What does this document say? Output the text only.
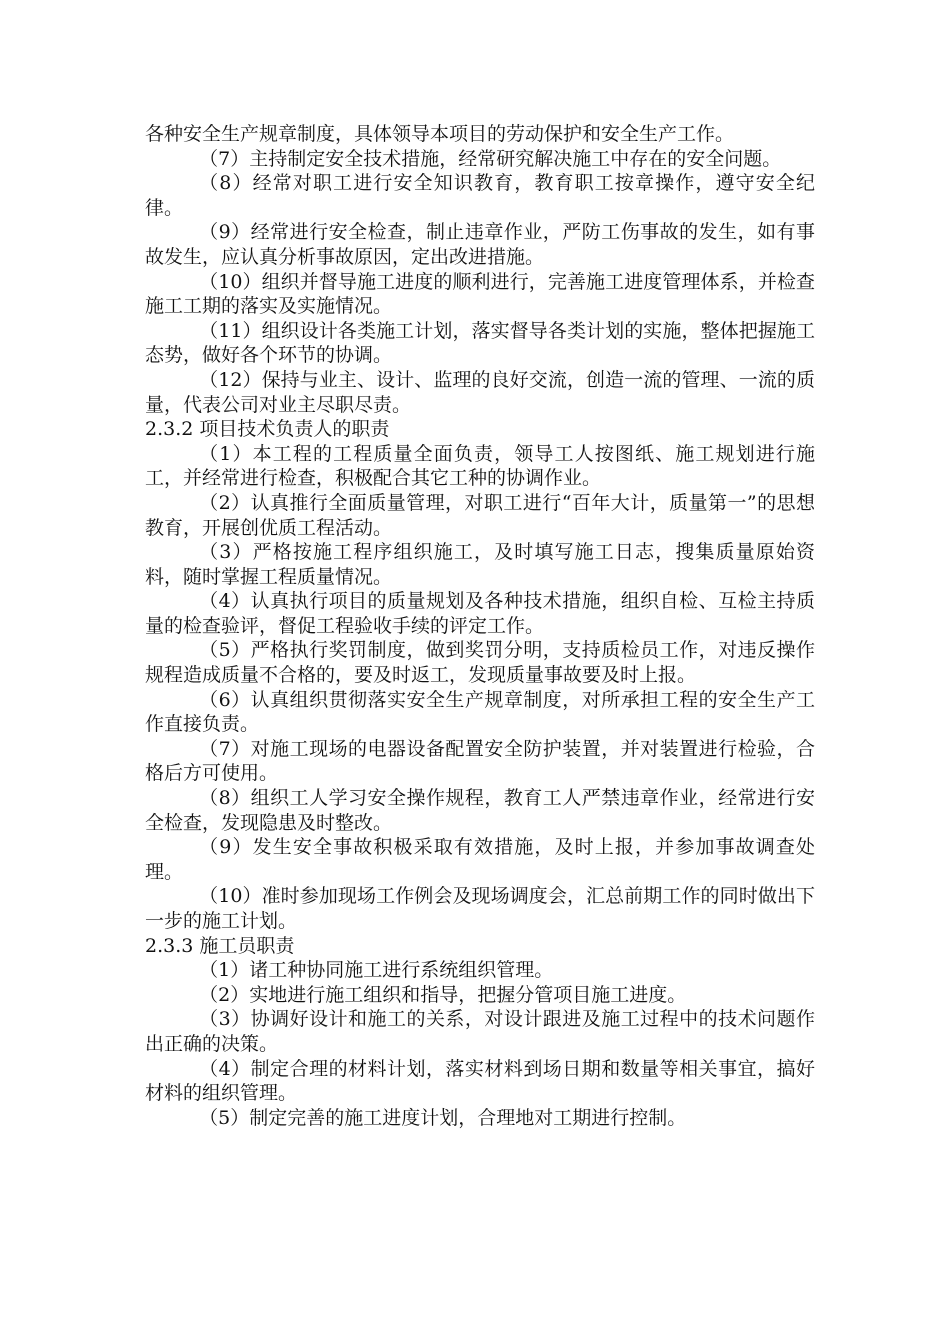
各种安全生产规章制度，具体领导本项目的劳动保护和安全生产工作。

（7）主持制定安全技术措施，经常研究解决施工中存在的安全问题。

（8）经常对职工进行安全知识教育，教育职工按章操作，遵守安全纪律。

（9）经常进行安全检查，制止违章作业，严防工伤事故的发生，如有事故发生，应认真分析事故原因，定出改进措施。

（10）组织并督导施工进度的顺利进行，完善施工进度管理体系，并检查施工工期的落实及实施情况。

（11）组织设计各类施工计划，落实督导各类计划的实施，整体把握施工态势，做好各个环节的协调。

（12）保持与业主、设计、监理的良好交流，创造一流的管理、一流的质量，代表公司对业主尽职尽责。

2.3.2 项目技术负责人的职责

（1）本工程的工程质量全面负责，领导工人按图纸、施工规划进行施工，并经常进行检查，积极配合其它工种的协调作业。

（2）认真推行全面质量管理，对职工进行“百年大计，质量第一”的思想教育，开展创优质工程活动。

（3）严格按施工程序组织施工，及时填写施工日志，搜集质量原始资料，随时掌握工程质量情况。

（4）认真执行项目的质量规划及各种技术措施，组织自检、互检主持质量的检查验评，督促工程验收手续的评定工作。

（5）严格执行奖罚制度，做到奖罚分明，支持质检员工作，对违反操作规程造成质量不合格的，要及时返工，发现质量事故要及时上报。

（6）认真组织贯彻落实安全生产规章制度，对所承担工程的安全生产工作直接负责。

（7）对施工现场的电器设备配置安全防护装置，并对装置进行检验，合格后方可使用。

（8）组织工人学习安全操作规程，教育工人严禁违章作业，经常进行安全检查，发现隐患及时整改。

（9）发生安全事故积极采取有效措施，及时上报，并参加事故调查处理。

（10）准时参加现场工作例会及现场调度会，汇总前期工作的同时做出下一步的施工计划。

2.3.3 施工员职责

（1）诸工种协同施工进行系统组织管理。

（2）实地进行施工组织和指导，把握分管项目施工进度。

（3）协调好设计和施工的关系，对设计跟进及施工过程中的技术问题作出正确的决策。

（4）制定合理的材料计划，落实材料到场日期和数量等相关事宜，搞好材料的组织管理。

（5）制定完善的施工进度计划，合理地对工期进行控制。
